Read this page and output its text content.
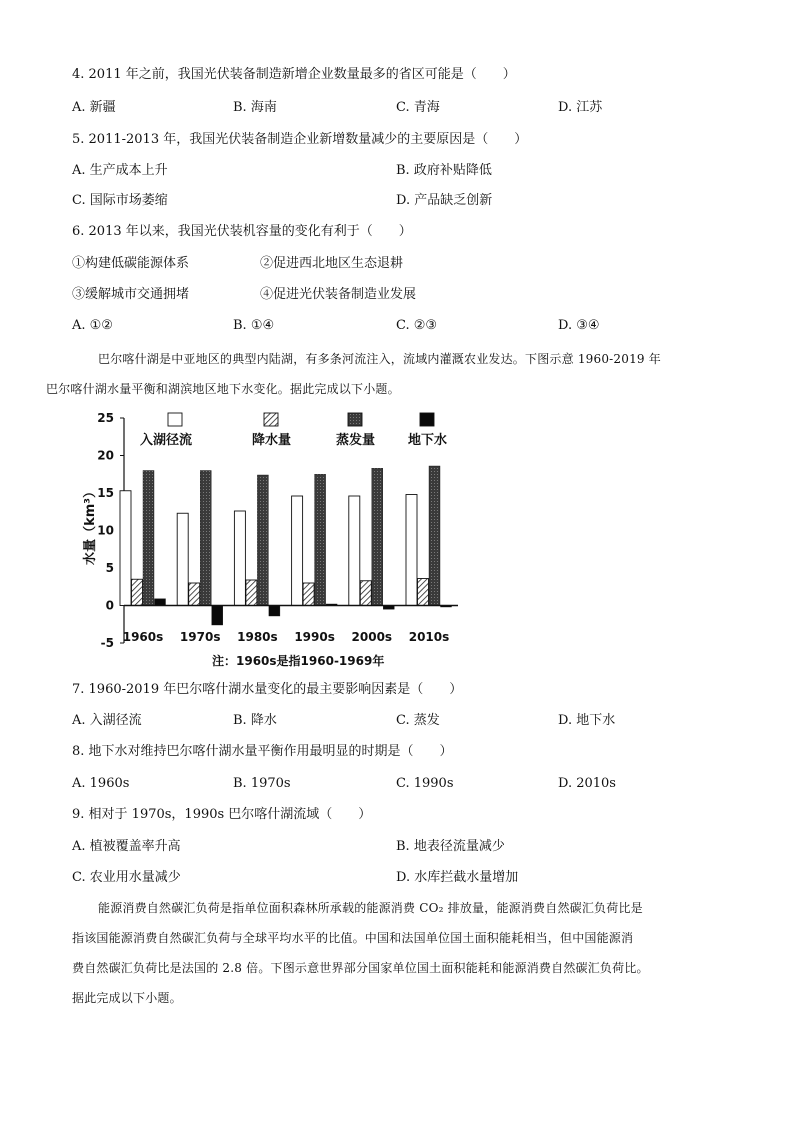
4. 2011 年之前，我国光伏装备制造新增企业数量最多的省区可能是（　　）
A. 新疆	B. 海南	C. 青海	D. 江苏
5. 2011-2013 年，我国光伏装备制造企业新增数量减少的主要原因是（　　）
A. 生产成本上升	B. 政府补贴降低
C. 国际市场萎缩	D. 产品缺乏创新
6. 2013 年以来，我国光伏装机容量的变化有利于（　　）
①构建低碳能源体系	②促进西北地区生态退耕
③缓解城市交通拥堵	④促进光伏装备制造业发展
A. ①②	B. ①④	C. ②③	D. ③④
巴尔喀什湖是中亚地区的典型内陆湖，有多条河流注入，流域内灌溉农业发达。下图示意 1960-2019 年
巴尔喀什湖水量平衡和湖滨地区地下水变化。据此完成以下小题。
入湖径流	降水量	蒸发量	地下水
-5
0
5
10
15
20
25
1960s 1970s 1980s 1990s 2000s 2010s
水量（km³）
注：1960s是指1960-1969年
7. 1960-2019 年巴尔喀什湖水量变化的最主要影响因素是（　　）
A. 入湖径流	B. 降水	C. 蒸发	D. 地下水
8. 地下水对维持巴尔喀什湖水量平衡作用最明显的时期是（　　）
A. 1960s	B. 1970s	C. 1990s	D. 2010s
9. 相对于 1970s，1990s 巴尔喀什湖流域（　　）
A. 植被覆盖率升高	B. 地表径流量减少
C. 农业用水量减少	D. 水库拦截水量增加
能源消费自然碳汇负荷是指单位面积森林所承载的能源消费 CO₂ 排放量，能源消费自然碳汇负荷比是
指该国能源消费自然碳汇负荷与全球平均水平的比值。中国和法国单位国土面积能耗相当，但中国能源消
费自然碳汇负荷比是法国的 2.8 倍。下图示意世界部分国家单位国土面积能耗和能源消费自然碳汇负荷比。
据此完成以下小题。
